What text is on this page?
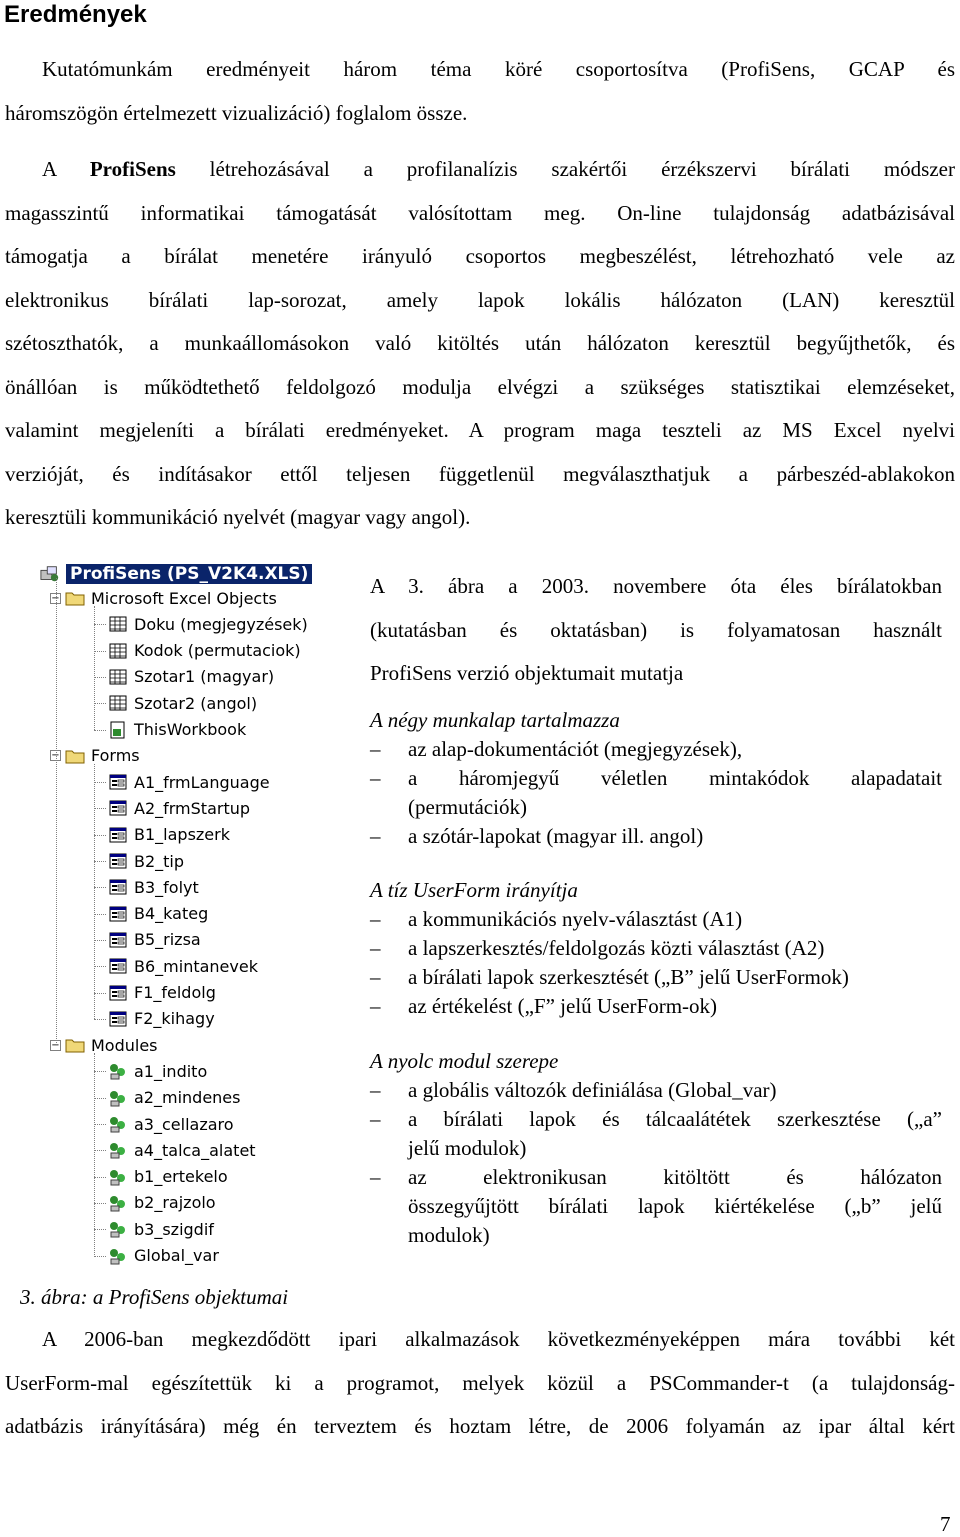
Eredmények
Kutatómunkám eredményeit három téma köré csoportosítva (ProfiSens, GCAP és
háromszögön értelmezett vizualizáció) foglalom össze.
A ProfiSens létrehozásával a profilanalízis szakértői érzékszervi bírálati módszer
magasszintű informatikai támogatását valósítottam meg. On-line tulajdonság adatbázisával
támogatja a bírálat menetére irányuló csoportos megbeszélést, létrehozható vele az
elektronikus bírálati lap-sorozat, amely lapok lokális hálózaton (LAN) keresztül
szétoszthatók, a munkaállomásokon való kitöltés után hálózaton keresztül begyűjthetők, és
önállóan is működtethető feldolgozó modulja elvégzi a szükséges statisztikai elemzéseket,
valamint megjeleníti a bírálati eredményeket. A program maga teszteli az MS Excel nyelvi
verzióját, és indításakor ettől teljesen függetlenül megválaszthatjuk a párbeszéd-ablakokon
keresztüli kommunikáció nyelvét (magyar vagy angol).
ProfiSens (PS_V2K4.XLS)
− Microsoft Excel Objects
Doku (megjegyzések)
Kodok (permutaciok)
Szotar1 (magyar)
Szotar2 (angol)
ThisWorkbook
− Forms
A1_frmLanguage
A2_frmStartup
B1_lapszerk
B2_tip
B3_folyt
B4_kateg
B5_rizsa
B6_mintanevek
F1_feldolg
F2_kihagy
− Modules
a1_indito
a2_mindenes
a3_cellazaro
a4_talca_alatet
b1_ertekelo
b2_rajzolo
b3_szigdif
Global_var
A 3. ábra a 2003. novembere óta éles bírálatokban
(kutatásban és oktatásban) is folyamatosan használt
ProfiSens verzió objektumait mutatja
A négy munkalap tartalmazza
– az alap-dokumentációt (megjegyzések),
– a háromjegyű véletlen mintakódok alapadatait
(permutációk)
– a szótár-lapokat (magyar ill. angol)
A tíz UserForm irányítja
– a kommunikációs nyelv-választást (A1)
– a lapszerkesztés/feldolgozás közti választást (A2)
– a bírálati lapok szerkesztését („B” jelű UserFormok)
– az értékelést („F” jelű UserForm-ok)
A nyolc modul szerepe
– a globális változók definiálása (Global_var)
– a bírálati lapok és tálcaalátétek szerkesztése („a”
jelű modulok)
– az elektronikusan kitöltött és hálózaton
összegyűjtött bírálati lapok kiértékelése („b” jelű
modulok)
3. ábra: a ProfiSens objektumai
A 2006-ban megkezdődött ipari alkalmazások következményeképpen mára további két
UserForm-mal egészítettük ki a programot, melyek közül a PSCommander-t (a tulajdonság-
adatbázis irányítására) még én terveztem és hoztam létre, de 2006 folyamán az ipar által kért
7
